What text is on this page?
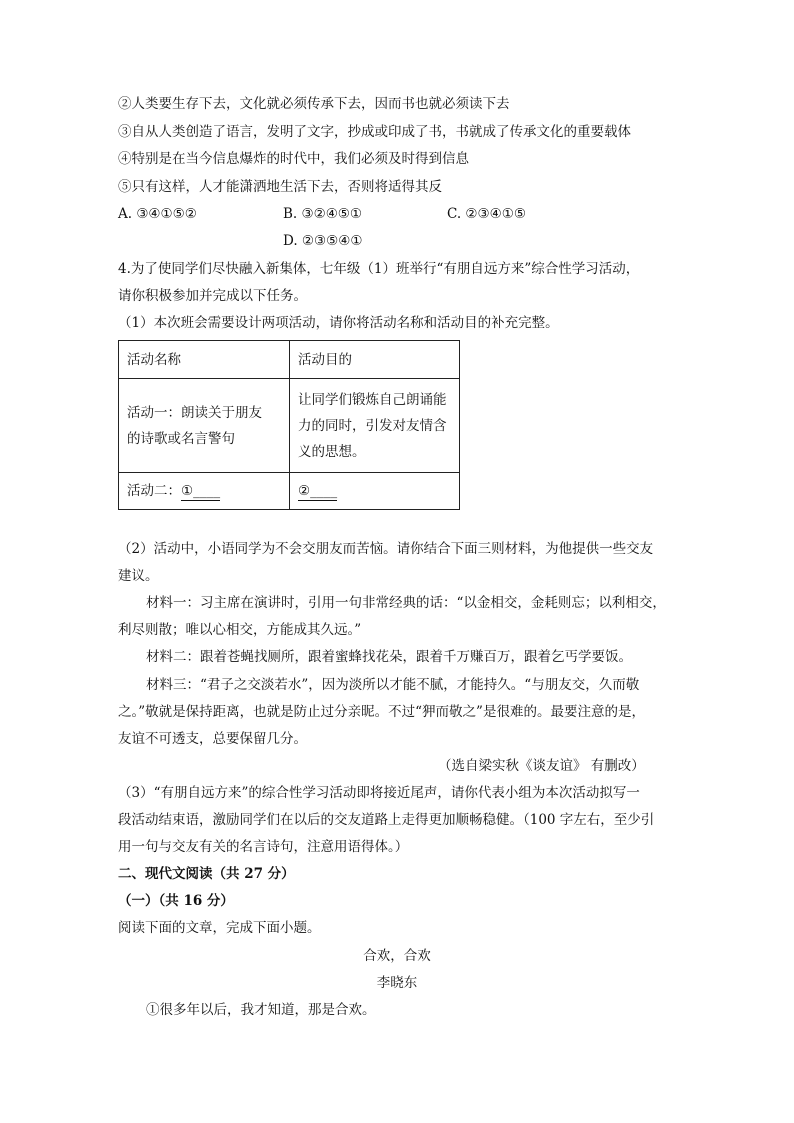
②人类要生存下去，文化就必须传承下去，因而书也就必须读下去
③自从人类创造了语言，发明了文字，抄成或印成了书，书就成了传承文化的重要载体
④特别是在当今信息爆炸的时代中，我们必须及时得到信息
⑤只有这样，人才能潇洒地生活下去，否则将适得其反
A. ③④①⑤②	B. ③②④⑤①	C. ②③④①⑤
D. ②③⑤④①
4.为了使同学们尽快融入新集体，七年级（1）班举行“有朋自远方来”综合性学习活动，
请你积极参加并完成以下任务。
（1）本次班会需要设计两项活动，请你将活动名称和活动目的补充完整。
活动名称	活动目的
活动一：朗读关于朋友
的诗歌或名言警句	让同学们锻炼自己朗诵能
力的同时，引发对友情含
义的思想。
活动二：①____	②____
（2）活动中，小语同学为不会交朋友而苦恼。请你结合下面三则材料，为他提供一些交友
建议。
材料一：习主席在演讲时，引用一句非常经典的话：“以金相交，金耗则忘；以利相交，
利尽则散；唯以心相交，方能成其久远。”
材料二：跟着苍蝇找厕所，跟着蜜蜂找花朵，跟着千万赚百万，跟着乞丐学要饭。
材料三：“君子之交淡若水”，因为淡所以才能不腻，才能持久。“与朋友交，久而敬
之。”敬就是保持距离，也就是防止过分亲昵。不过“狎而敬之”是很难的。最要注意的是，
友谊不可透支，总要保留几分。
（选自梁实秋《谈友谊》 有删改）
（3）“有朋自远方来”的综合性学习活动即将接近尾声，请你代表小组为本次活动拟写一
段活动结束语，激励同学们在以后的交友道路上走得更加顺畅稳健。（100 字左右，至少引
用一句与交友有关的名言诗句，注意用语得体。）
二、现代文阅读（共 27 分）
（一）（共 16 分）
阅读下面的文章，完成下面小题。
合欢，合欢
李晓东
①很多年以后，我才知道，那是合欢。
